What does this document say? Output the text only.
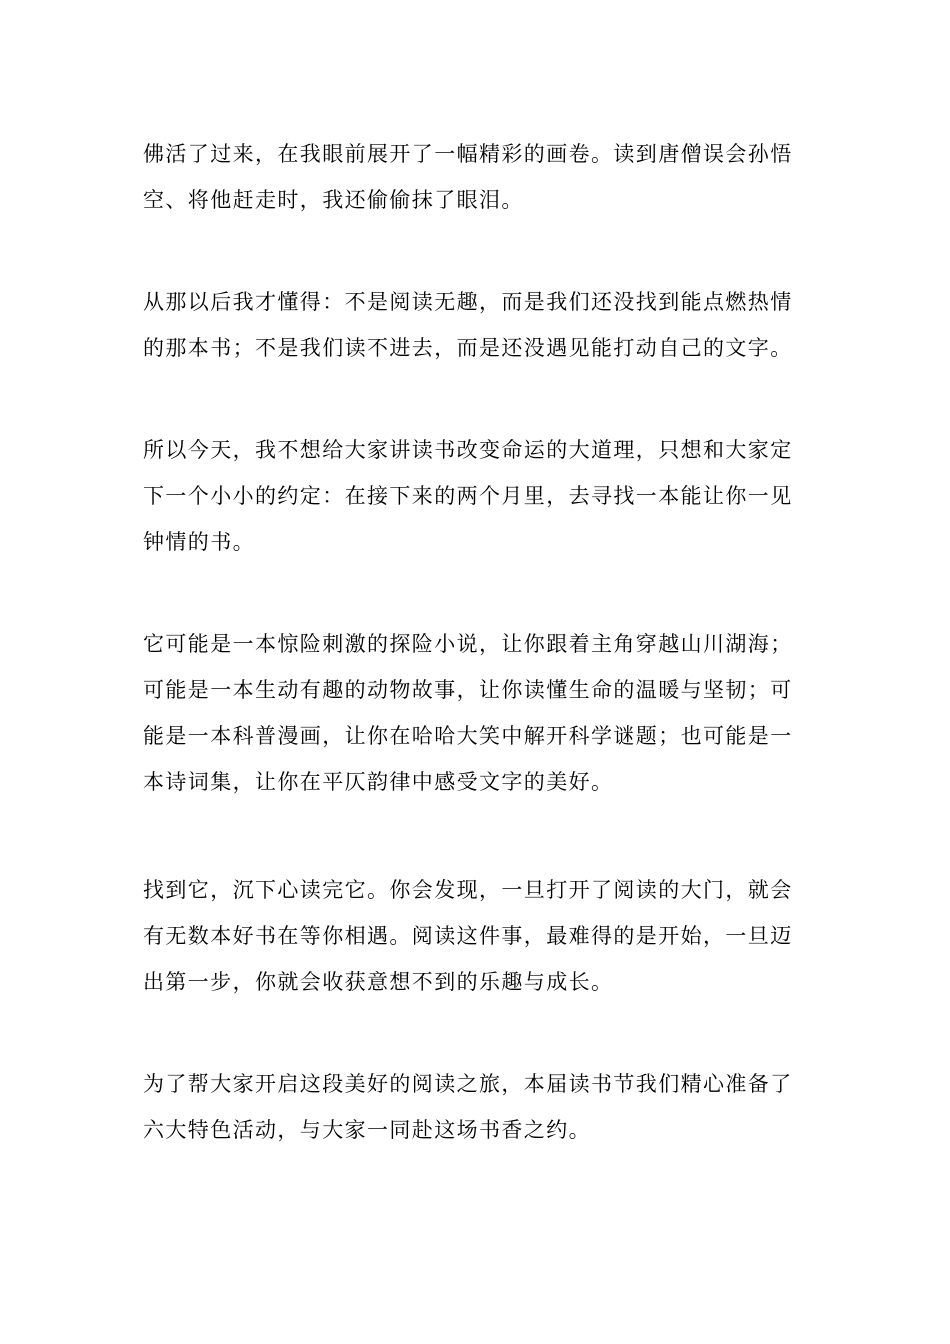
佛活了过来，在我眼前展开了一幅精彩的画卷。读到唐僧误会孙悟
空、将他赶走时，我还偷偷抹了眼泪。

从那以后我才懂得：不是阅读无趣，而是我们还没找到能点燃热情
的那本书；不是我们读不进去，而是还没遇见能打动自己的文字。

所以今天，我不想给大家讲读书改变命运的大道理，只想和大家定
下一个小小的约定：在接下来的两个月里，去寻找一本能让你一见
钟情的书。

它可能是一本惊险刺激的探险小说，让你跟着主角穿越山川湖海；
可能是一本生动有趣的动物故事，让你读懂生命的温暖与坚韧；可
能是一本科普漫画，让你在哈哈大笑中解开科学谜题；也可能是一
本诗词集，让你在平仄韵律中感受文字的美好。

找到它，沉下心读完它。你会发现，一旦打开了阅读的大门，就会
有无数本好书在等你相遇。阅读这件事，最难得的是开始，一旦迈
出第一步，你就会收获意想不到的乐趣与成长。

为了帮大家开启这段美好的阅读之旅，本届读书节我们精心准备了
六大特色活动，与大家一同赴这场书香之约。
